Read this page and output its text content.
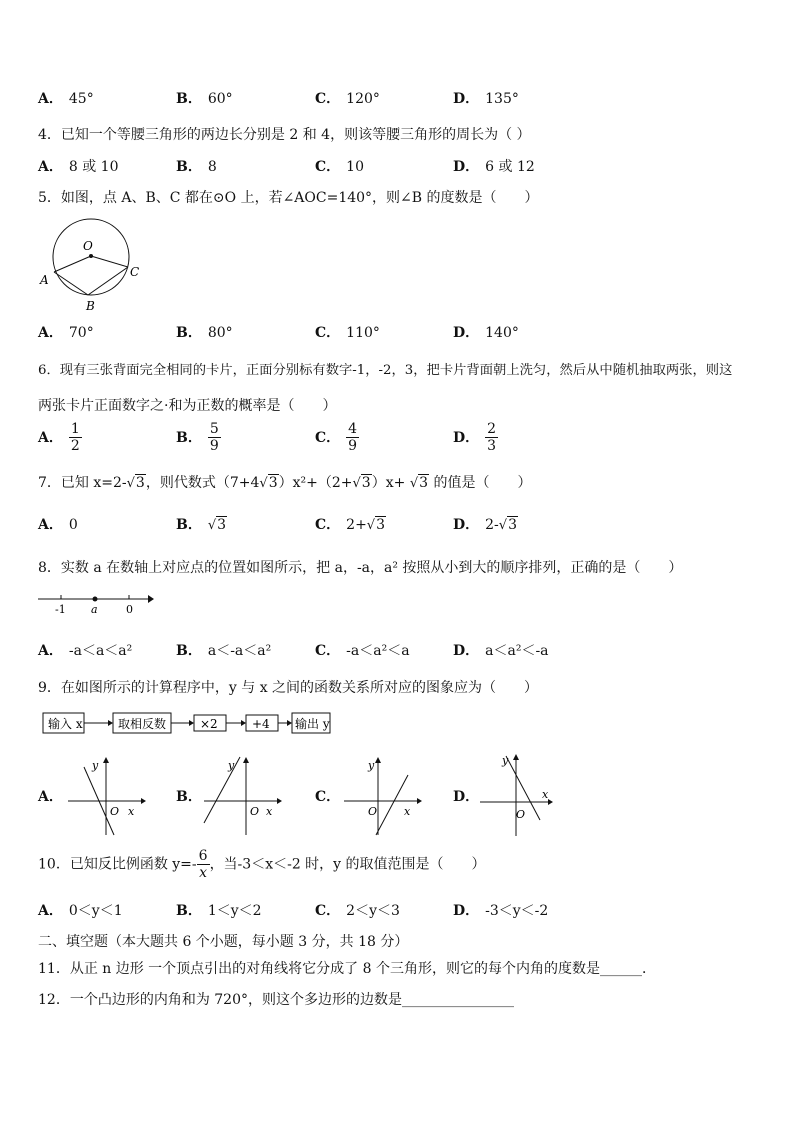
A． 45°	B． 60°	C． 120°	D． 135°
4．已知一个等腰三角形的两边长分别是 2 和 4，则该等腰三角形的周长为（ ）
A． 8 或 10	B． 8	C． 10	D． 6 或 12
5．如图，点 A、B、C 都在⊙O 上，若∠AOC=140°，则∠B 的度数是（　　）
O
A
B
C
A． 70°	B． 80°	C． 110°	D． 140°
6．现有三张背面完全相同的卡片，正面分别标有数字-1，-2，3，把卡片背面朝上洗匀，然后从中随机抽取两张，则这
两张卡片正面数字之·和为正数的概率是（　　）
A． $\frac{1}{2}$	B． $\frac{5}{9}$	C． $\frac{4}{9}$	D． $\frac{2}{3}$
7．已知 x=2-√3，则代数式（7+4√3）x²+（2+√3）x+ √3 的值是（　　）
A． 0	B． √3	C． 2+√3	D． 2-√3
8．实数 a 在数轴上对应点的位置如图所示，把 a，-a，a² 按照从小到大的顺序排列，正确的是（　　）
-1 a	0
A． -a＜a＜a²	B． a＜-a＜a²	C． -a＜a²＜a	D． a＜a²＜-a
9．在如图所示的计算程序中，y 与 x 之间的函数关系所对应的图象应为（　　）
输入 x	取相反数	×2	+4 输出 y
A．
y
O x
B．
y
O x
C．
y
O x
D．
y
O
x
10．已知反比例函数 $y=- \frac{6}{x}$ ，当-3＜x＜-2 时，y 的取值范围是（　　）
A． 0＜y＜1	B． 1＜y＜2	C． 2＜y＜3	D． -3＜y＜-2
二、填空题（本大题共 6 个小题，每小题 3 分，共 18 分）
11．从正 n 边形 一个顶点引出的对角线将它分成了 8 个三角形，则它的每个内角的度数是______．
12．一个凸边形的内角和为 720°，则这个多边形的边数是________________
